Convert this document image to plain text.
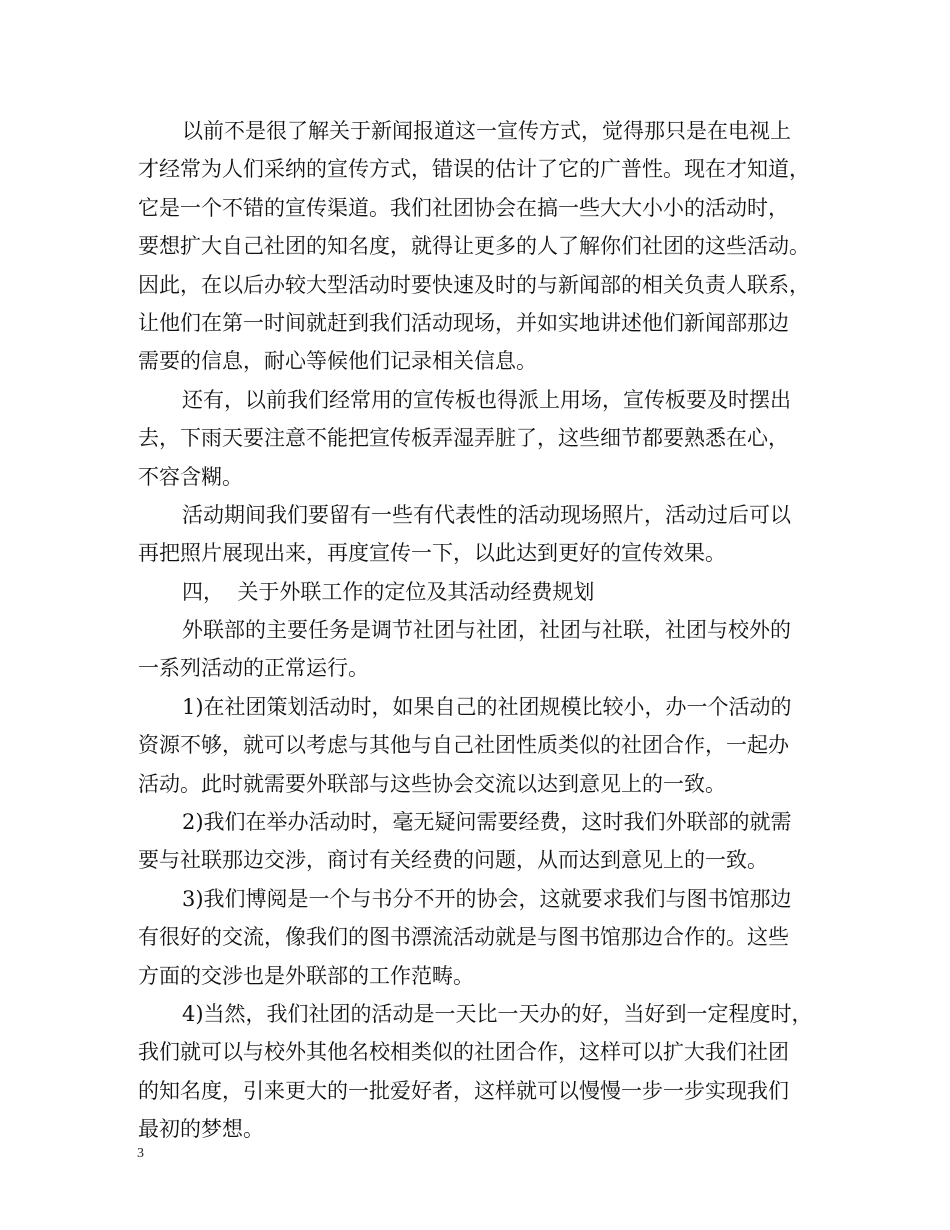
以前不是很了解关于新闻报道这一宣传方式，觉得那只是在电视上
才经常为人们采纳的宣传方式，错误的估计了它的广普性。现在才知道，
它是一个不错的宣传渠道。我们社团协会在搞一些大大小小的活动时，
要想扩大自己社团的知名度，就得让更多的人了解你们社团的这些活动。
因此，在以后办较大型活动时要快速及时的与新闻部的相关负责人联系，
让他们在第一时间就赶到我们活动现场，并如实地讲述他们新闻部那边
需要的信息，耐心等候他们记录相关信息。
还有，以前我们经常用的宣传板也得派上用场，宣传板要及时摆出
去，下雨天要注意不能把宣传板弄湿弄脏了，这些细节都要熟悉在心，
不容含糊。
活动期间我们要留有一些有代表性的活动现场照片，活动过后可以
再把照片展现出来，再度宣传一下，以此达到更好的宣传效果。
四，  关于外联工作的定位及其活动经费规划
外联部的主要任务是调节社团与社团，社团与社联，社团与校外的
一系列活动的正常运行。
1)在社团策划活动时，如果自己的社团规模比较小，办一个活动的
资源不够，就可以考虑与其他与自己社团性质类似的社团合作，一起办
活动。此时就需要外联部与这些协会交流以达到意见上的一致。
2)我们在举办活动时，毫无疑问需要经费，这时我们外联部的就需
要与社联那边交涉，商讨有关经费的问题，从而达到意见上的一致。
3)我们博阅是一个与书分不开的协会，这就要求我们与图书馆那边
有很好的交流，像我们的图书漂流活动就是与图书馆那边合作的。这些
方面的交涉也是外联部的工作范畴。
4)当然，我们社团的活动是一天比一天办的好，当好到一定程度时，
我们就可以与校外其他名校相类似的社团合作，这样可以扩大我们社团
的知名度，引来更大的一批爱好者，这样就可以慢慢一步一步实现我们
最初的梦想。
3
